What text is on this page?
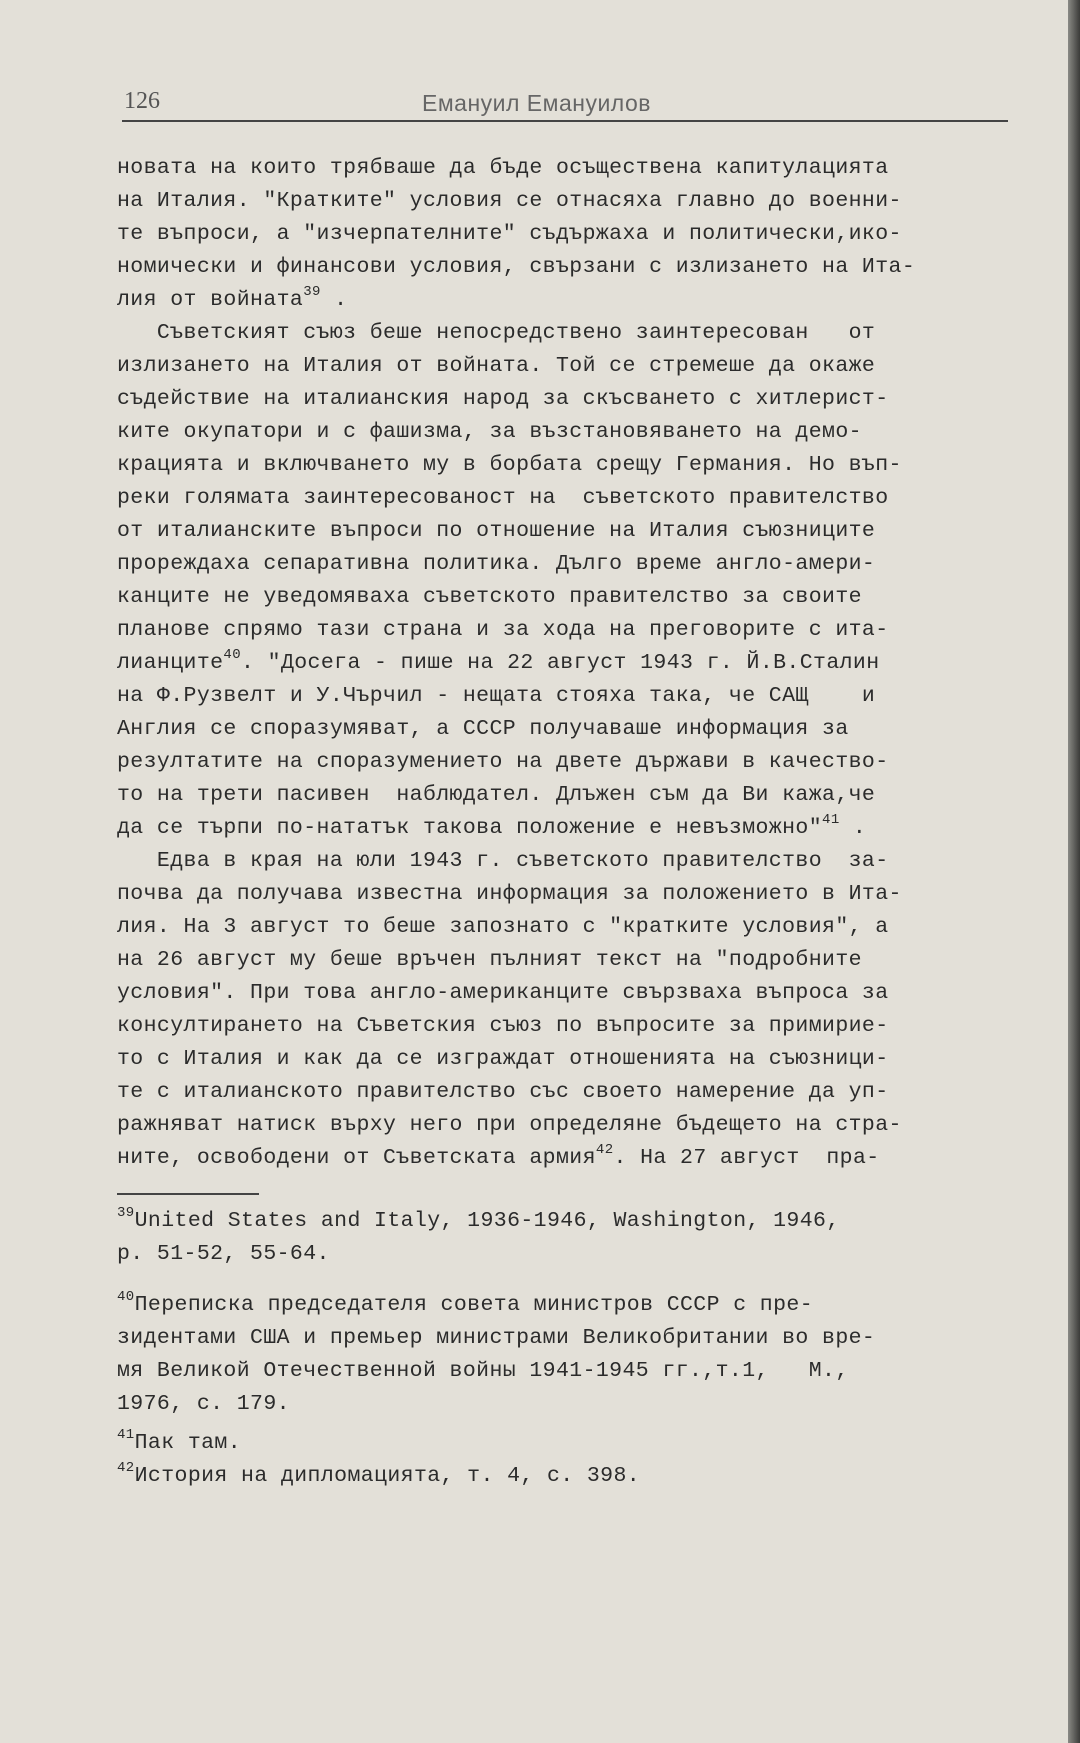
126	Емануил Емануилов
новата на които трябваше да бъде осъществена капитулацията
на Италия. "Кратките" условия се отнасяха главно до военни-
те въпроси, а "изчерпателните" съдържаха и политически,ико-
номически и финансови условия, свързани с излизането на Ита-
лия от войната$^{39}$ .
Съветският съюз беше непосредствено заинтересован   от
излизането на Италия от войната. Той се стремеше да окаже
съдействие на италианския народ за скъсването с хитлерист-
ките окупатори и с фашизма, за възстановяването на демо-
крацията и включването му в борбата срещу Германия. Но въп-
реки голямата заинтересованост на  съветското правителство
от италианските въпроси по отношение на Италия съюзниците
прореждаха сепаративна политика. Дълго време англо-амери-
канците не уведомяваха съветското правителство за своите
планове спрямо тази страна и за хода на преговорите с ита-
лианците$^{40}$. "Досега - пише на 22 август 1943 г. Й.В.Сталин
на Ф.Рузвелт и У.Чърчил - нещата стояха така, че САЩ    и
Англия се споразумяват, а СССР получаваше информация за
резултатите на споразумението на двете държави в качество-
то на трети пасивен  наблюдател. Длъжен съм да Ви кажа,че
да се търпи по-нататък такова положение е невъзможно"$^{41}$ .
Едва в края на юли 1943 г. съветското правителство  за-
почва да получава известна информация за положението в Ита-
лия. На 3 август то беше запознато с "кратките условия", а
на 26 август му беше връчен пълният текст на "подробните
условия". При това англо-американците свързваха въпроса за
консултирането на Съветския съюз по въпросите за примирие-
то с Италия и как да се изграждат отношенията на съюзници-
те с италианското правителство със своето намерение да уп-
ражняват натиск върху него при определяне бъдещето на стра-
ните, освободени от Съветската армия$^{42}$. На 27 август  пра-
$^{39}$United States and Italy, 1936-1946, Washington, 1946,
p. 51-52, 55-64.
$^{40}$Переписка председателя совета министров СССР с пре-
зидентами США и премьер министрами Великобритании во вре-
мя Великой Отечественной войны 1941-1945 гг.,т.1,   М.,
1976, с. 179.
$^{41}$Пак там.
$^{42}$История на дипломацията, т. 4, с. 398.
